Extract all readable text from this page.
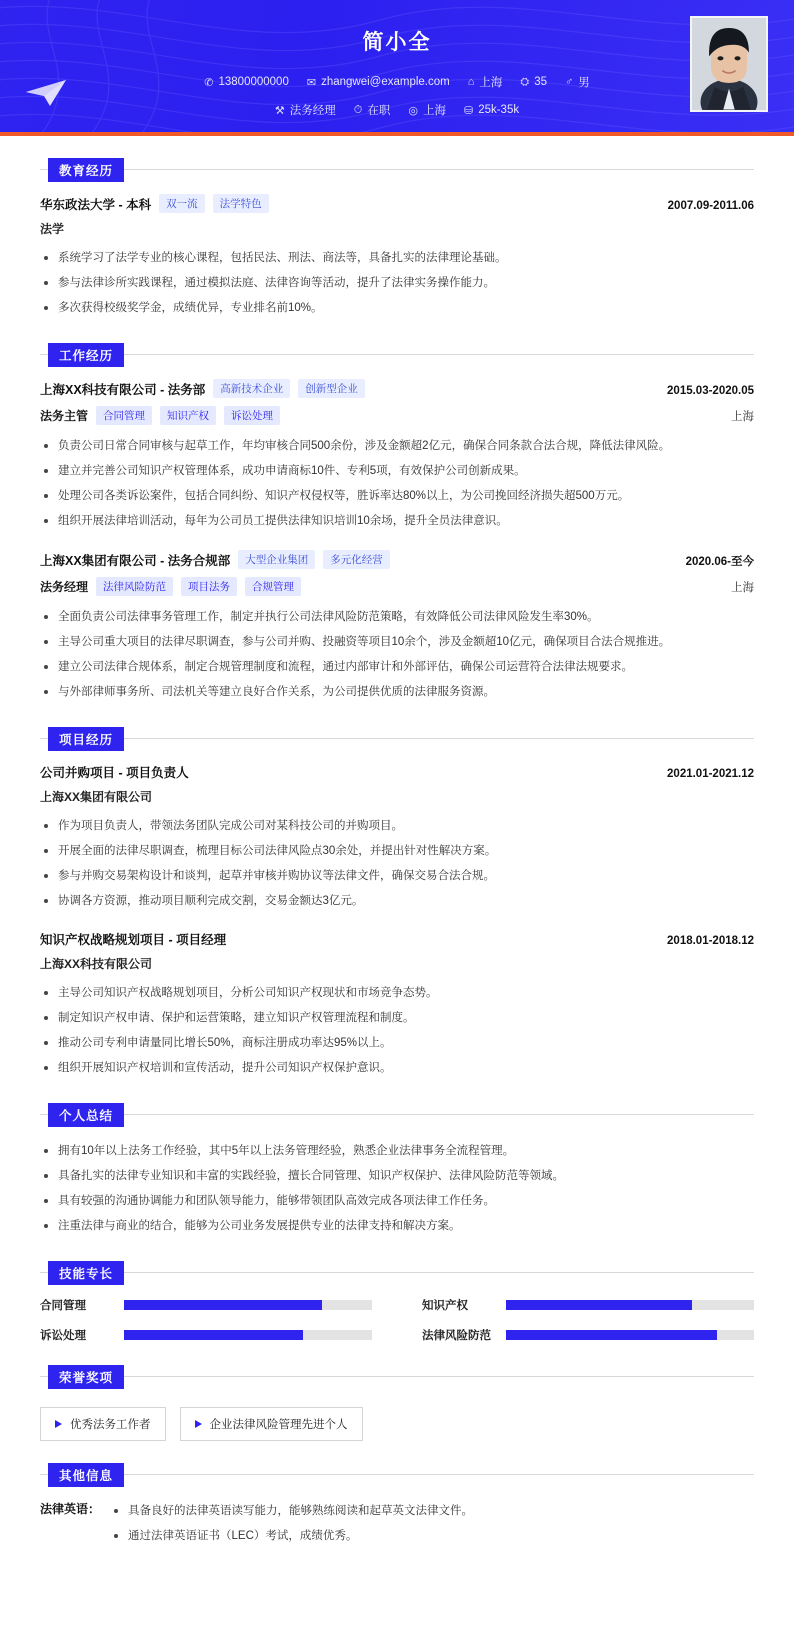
简小全
✆ 13800000000 ✉ zhangwei@example.com ⌂ 上海 ⛭ 35 ♂ 男
⚒ 法务经理 ⏱ 在职 ◎ 上海 ⛁ 25k-35k
教育经历
华东政法大学 - 本科	双一流	法学特色	2007.09-2011.06
法学
系统学习了法学专业的核心课程，包括民法、刑法、商法等，具备扎实的法律理论基础。
参与法律诊所实践课程，通过模拟法庭、法律咨询等活动，提升了法律实务操作能力。
多次获得校级奖学金，成绩优异，专业排名前10%。
工作经历
上海XX科技有限公司 - 法务部	高新技术企业	创新型企业	2015.03-2020.05
法务主管	合同管理	知识产权	诉讼处理	上海
负责公司日常合同审核与起草工作，年均审核合同500余份，涉及金额超2亿元，确保合同条款合法合规，降低法律风险。
建立并完善公司知识产权管理体系，成功申请商标10件、专利5项，有效保护公司创新成果。
处理公司各类诉讼案件，包括合同纠纷、知识产权侵权等，胜诉率达80%以上，为公司挽回经济损失超500万元。
组织开展法律培训活动，每年为公司员工提供法律知识培训10余场，提升全员法律意识。
上海XX集团有限公司 - 法务合规部	大型企业集团	多元化经营	2020.06-至今
法务经理	法律风险防范	项目法务	合规管理	上海
全面负责公司法律事务管理工作，制定并执行公司法律风险防范策略，有效降低公司法律风险发生率30%。
主导公司重大项目的法律尽职调查，参与公司并购、投融资等项目10余个，涉及金额超10亿元，确保项目合法合规推进。
建立公司法律合规体系，制定合规管理制度和流程，通过内部审计和外部评估，确保公司运营符合法律法规要求。
与外部律师事务所、司法机关等建立良好合作关系，为公司提供优质的法律服务资源。
项目经历
公司并购项目 - 项目负责人	2021.01-2021.12
上海XX集团有限公司
作为项目负责人，带领法务团队完成公司对某科技公司的并购项目。
开展全面的法律尽职调查，梳理目标公司法律风险点30余处，并提出针对性解决方案。
参与并购交易架构设计和谈判，起草并审核并购协议等法律文件，确保交易合法合规。
协调各方资源，推动项目顺利完成交割，交易金额达3亿元。
知识产权战略规划项目 - 项目经理	2018.01-2018.12
上海XX科技有限公司
主导公司知识产权战略规划项目，分析公司知识产权现状和市场竞争态势。
制定知识产权申请、保护和运营策略，建立知识产权管理流程和制度。
推动公司专利申请量同比增长50%，商标注册成功率达95%以上。
组织开展知识产权培训和宣传活动，提升公司知识产权保护意识。
个人总结
拥有10年以上法务工作经验，其中5年以上法务管理经验，熟悉企业法律事务全流程管理。
具备扎实的法律专业知识和丰富的实践经验，擅长合同管理、知识产权保护、法律风险防范等领域。
具有较强的沟通协调能力和团队领导能力，能够带领团队高效完成各项法律工作任务。
注重法律与商业的结合，能够为公司业务发展提供专业的法律支持和解决方案。
技能专长
合同管理	知识产权
诉讼处理	法律风险防范
荣誉奖项
优秀法务工作者	企业法律风险管理先进个人
其他信息
法律英语：	具备良好的法律英语读写能力，能够熟练阅读和起草英文法律文件。
通过法律英语证书（LEC）考试，成绩优秀。
